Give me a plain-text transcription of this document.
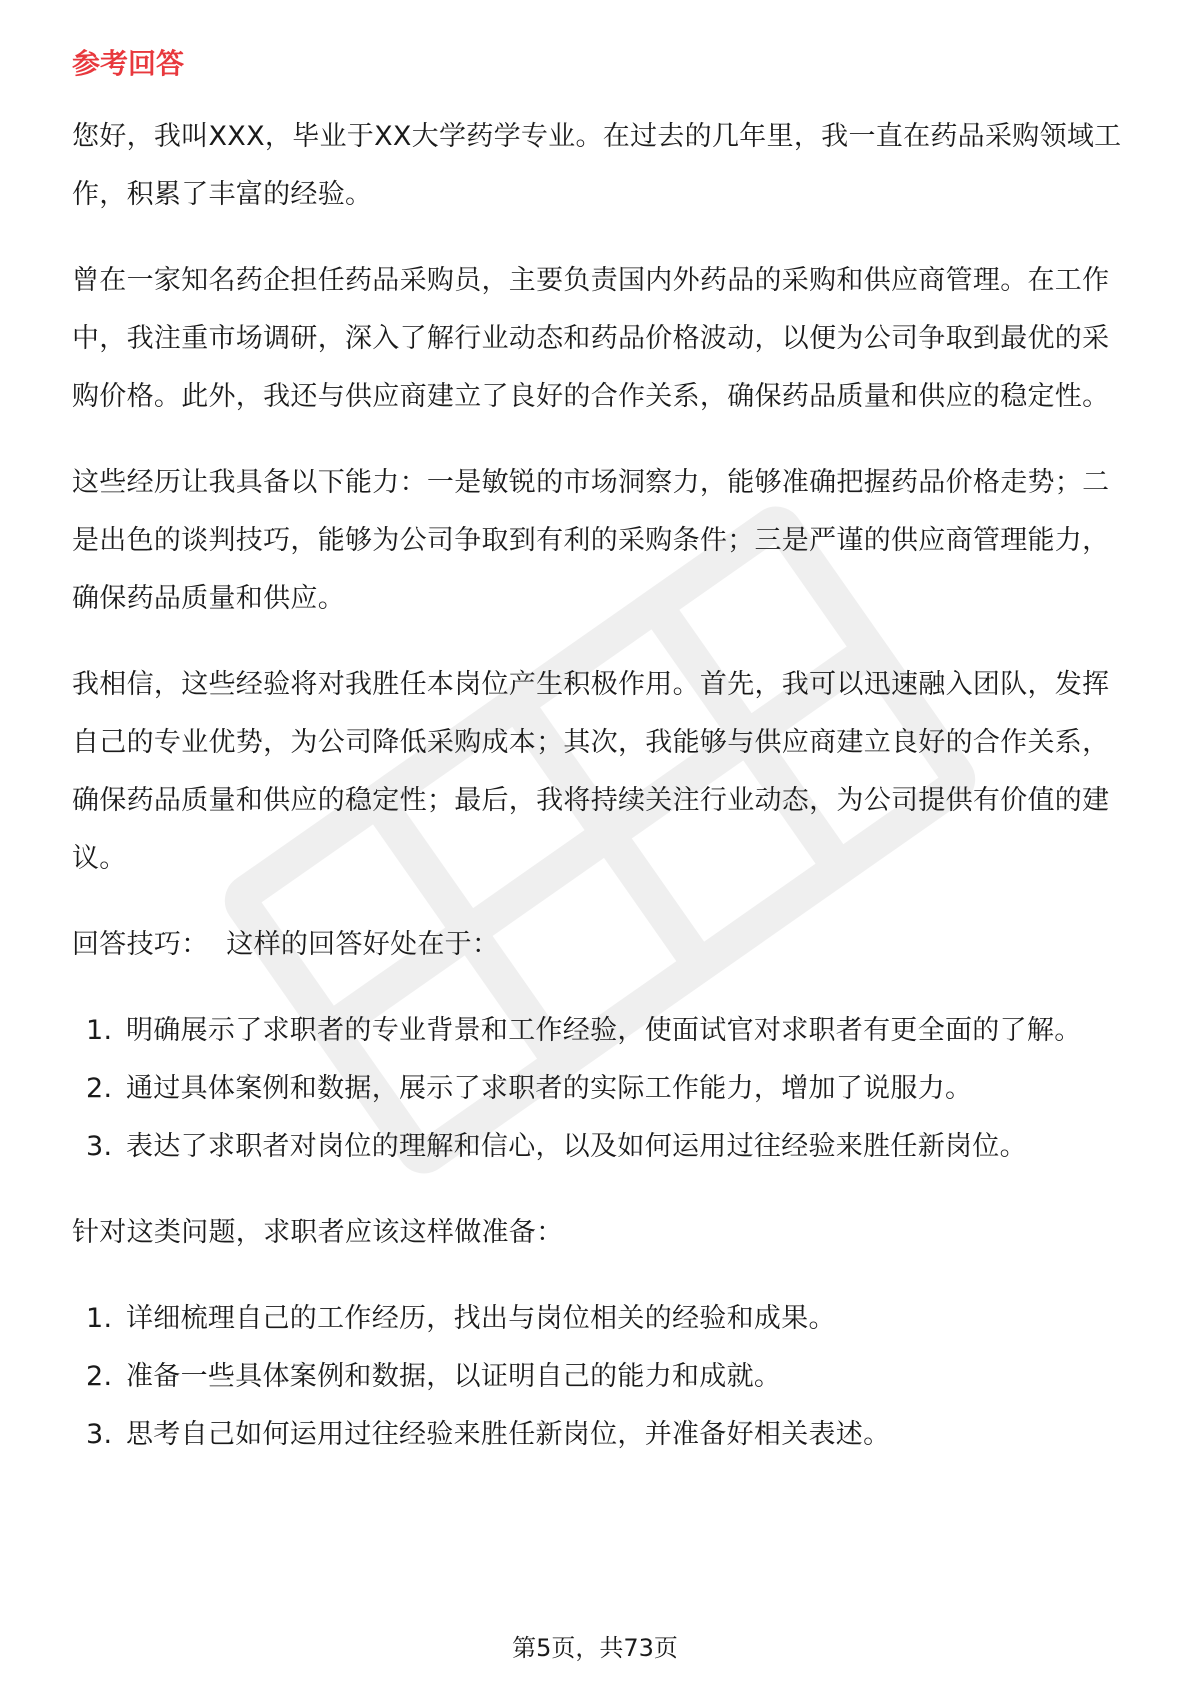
参考回答

您好，我叫XXX，毕业于XX大学药学专业。在过去的几年里，我一直在药品采购领域工作，积累了丰富的经验。

曾在一家知名药企担任药品采购员，主要负责国内外药品的采购和供应商管理。在工作中，我注重市场调研，深入了解行业动态和药品价格波动，以便为公司争取到最优的采购价格。此外，我还与供应商建立了良好的合作关系，确保药品质量和供应的稳定性。

这些经历让我具备以下能力：一是敏锐的市场洞察力，能够准确把握药品价格走势；二是出色的谈判技巧，能够为公司争取到有利的采购条件；三是严谨的供应商管理能力，确保药品质量和供应。

我相信，这些经验将对我胜任本岗位产生积极作用。首先，我可以迅速融入团队，发挥自己的专业优势，为公司降低采购成本；其次，我能够与供应商建立良好的合作关系，确保药品质量和供应的稳定性；最后，我将持续关注行业动态，为公司提供有价值的建议。

回答技巧：  这样的回答好处在于：

1. 明确展示了求职者的专业背景和工作经验，使面试官对求职者有更全面的了解。
2. 通过具体案例和数据，展示了求职者的实际工作能力，增加了说服力。
3. 表达了求职者对岗位的理解和信心，以及如何运用过往经验来胜任新岗位。

针对这类问题，求职者应该这样做准备：

1. 详细梳理自己的工作经历，找出与岗位相关的经验和成果。
2. 准备一些具体案例和数据，以证明自己的能力和成就。
3. 思考自己如何运用过往经验来胜任新岗位，并准备好相关表述。
第5页，共73页
